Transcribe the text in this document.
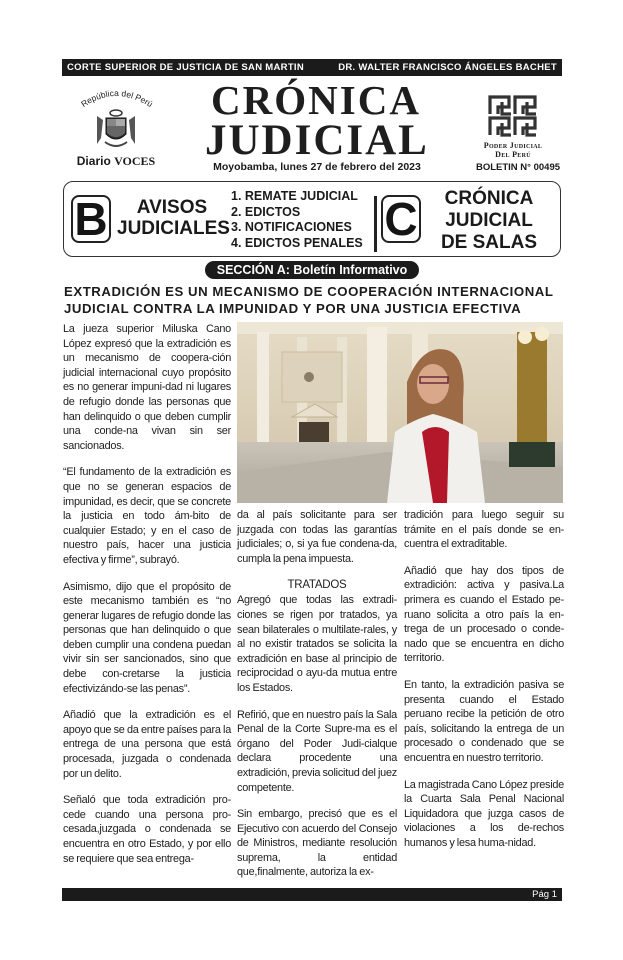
CORTE SUPERIOR DE JUSTICIA DE SAN MARTIN	DR. WALTER FRANCISCO ÁNGELES BACHET
República del Perú
Diario VOCES
CRÓNICA
JUDICIAL
Moyobamba, lunes 27 de febrero del 2023
Poder Judicial
Del Perú
BOLETIN N° 00495
B	AVISOS
JUDICIALES
1. REMATE JUDICIAL
2. EDICTOS
3. NOTIFICACIONES
4. EDICTOS PENALES C	CRÓNICA
JUDICIAL
DE SALAS
SECCIÓN A: Boletín Informativo
EXTRADICIÓN ES UN MECANISMO DE COOPERACIÓN INTERNACIONAL
JUDICIAL CONTRA LA IMPUNIDAD Y POR UNA JUSTICIA EFECTIVA

La jueza superior Miluska Cano López expresó que la extradición es un mecanismo de coopera-ción judicial internacional cuyo propósito es no generar impuni-dad ni lugares de refugio donde las personas que han delinquido o que deben cumplir una conde-na vivan sin ser sancionados.

“El fundamento de la extradición es que no se generan espacios de impunidad, es decir, que se concrete la justicia en todo ám-bito de cualquier Estado; y en el caso de nuestro país, hacer una justicia efectiva y firme”, subrayó.

Asimismo, dijo que el propósito de este mecanismo también es “no generar lugares de refugio donde las personas que han delinquido o que deben cumplir una condena puedan vivir sin ser sancionados, sino que debe con-cretarse la justicia efectivizándo-se las penas”.

Añadió que la extradición es el apoyo que se da entre países para la entrega de una persona que está procesada, juzgada o condenada por un delito.

Señaló que toda extradición pro-cede cuando una persona pro-cesada,juzgada o condenada se encuentra en otro Estado, y por ello se requiere que sea entrega-

da al país solicitante para ser juzgada con todas las garantías judiciales; o, si ya fue condena-da, cumpla la pena impuesta.

TRATADOS

Agregó que todas las extradi-ciones se rigen por tratados, ya sean bilaterales o multilate-rales, y al no existir tratados se solicita la extradición en base al principio de reciprocidad o ayu-da mutua entre los Estados.

Refirió, que en nuestro país la Sala Penal de la Corte Supre-ma es el órgano del Poder Judi-cialque declara procedente una extradición, previa solicitud del juez competente.

Sin embargo, precisó que es el Ejecutivo con acuerdo del Consejo de Ministros, mediante resolución suprema, la entidad que,finalmente, autoriza la ex-

tradición para luego seguir su trámite en el país donde se en-cuentra el extraditable.

Añadió que hay dos tipos de extradición: activa y pasiva.La primera es cuando el Estado pe-ruano solicita a otro país la en-trega de un procesado o conde-nado que se encuentra en dicho territorio.

En tanto, la extradición pasiva se presenta cuando el Estado peruano recibe la petición de otro país, solicitando la entrega de un procesado o condenado que se encuentra en nuestro territorio.

La magistrada Cano López preside la Cuarta Sala Penal Nacional Liquidadora que juzga casos de violaciones a los de-rechos humanos y lesa huma-nidad.

Pág 1
